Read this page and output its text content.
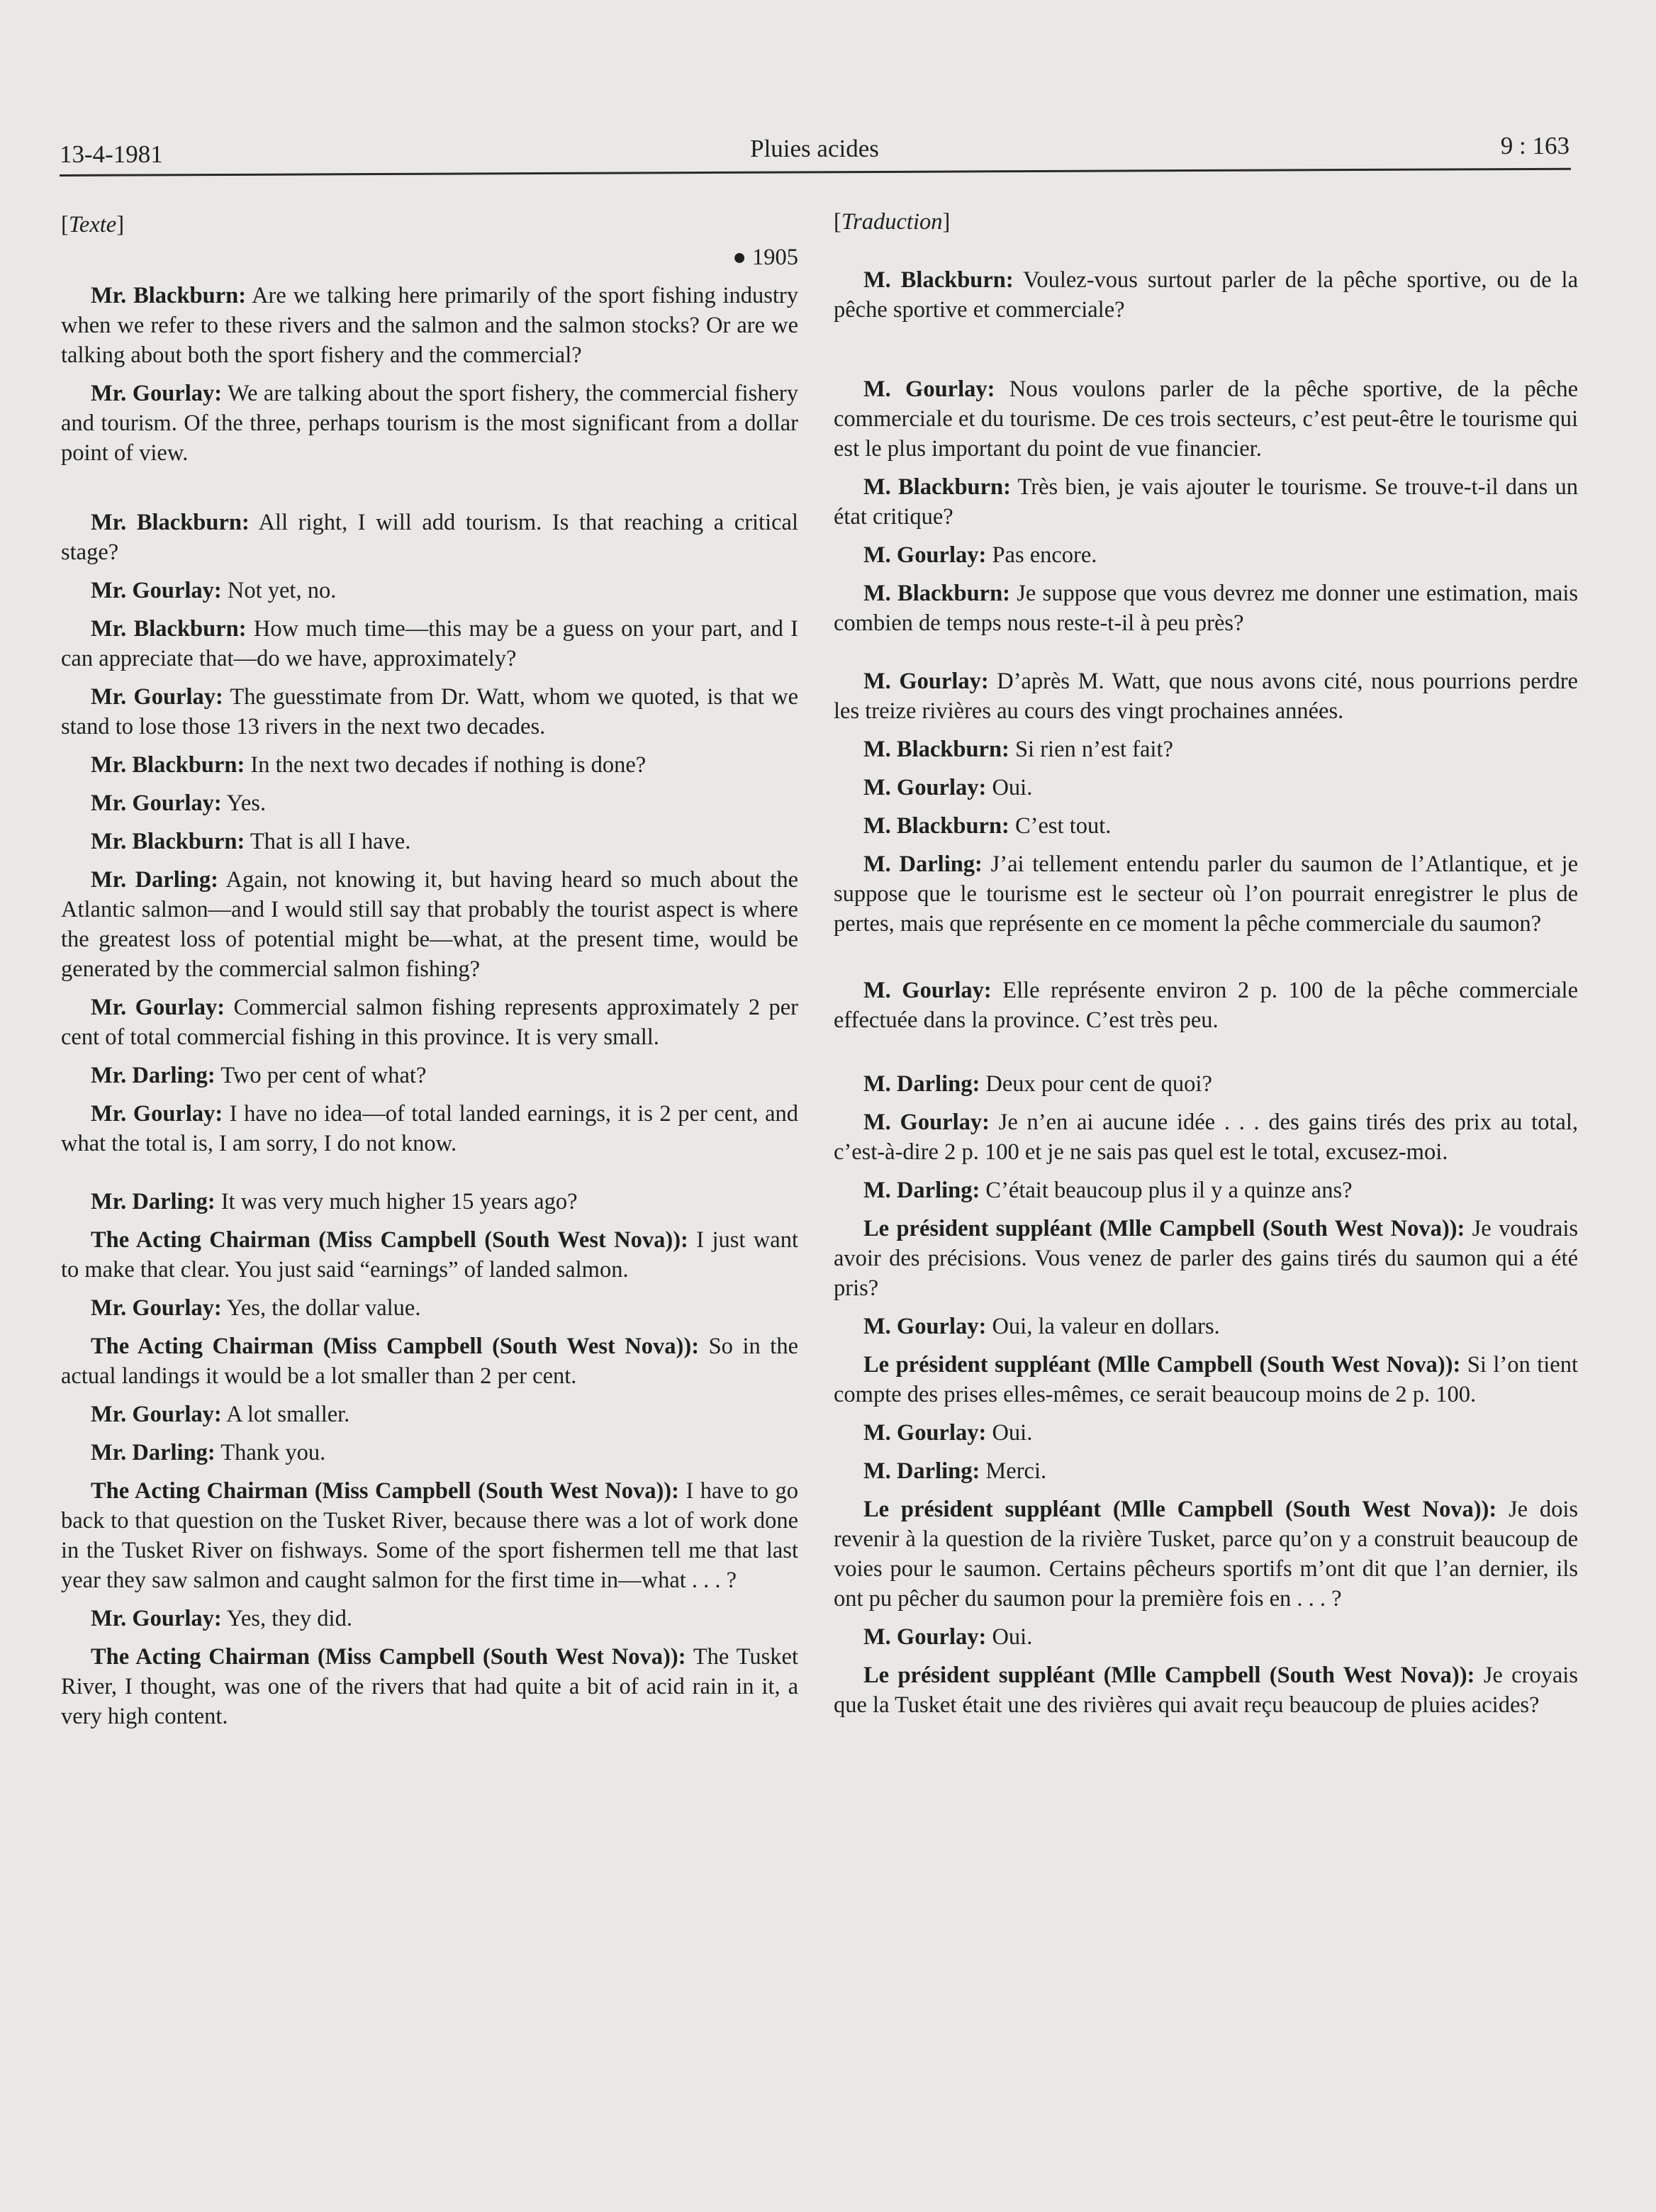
13-4-1981	Pluies acides	9 : 163
[Texte]
● 1905

Mr. Blackburn: Are we talking here primarily of the sport fishing industry when we refer to these rivers and the salmon and the salmon stocks? Or are we talking about both the sport fishery and the commercial?

Mr. Gourlay: We are talking about the sport fishery, the commercial fishery and tourism. Of the three, perhaps tourism is the most significant from a dollar point of view.

Mr. Blackburn: All right, I will add tourism. Is that reaching a critical stage?

Mr. Gourlay: Not yet, no.

Mr. Blackburn: How much time—this may be a guess on your part, and I can appreciate that—do we have, approximately?

Mr. Gourlay: The guesstimate from Dr. Watt, whom we quoted, is that we stand to lose those 13 rivers in the next two decades.

Mr. Blackburn: In the next two decades if nothing is done?

Mr. Gourlay: Yes.

Mr. Blackburn: That is all I have.

Mr. Darling: Again, not knowing it, but having heard so much about the Atlantic salmon—and I would still say that probably the tourist aspect is where the greatest loss of potential might be—what, at the present time, would be generated by the commercial salmon fishing?

Mr. Gourlay: Commercial salmon fishing represents approximately 2 per cent of total commercial fishing in this province. It is very small.

Mr. Darling: Two per cent of what?

Mr. Gourlay: I have no idea—of total landed earnings, it is 2 per cent, and what the total is, I am sorry, I do not know.

Mr. Darling: It was very much higher 15 years ago?

The Acting Chairman (Miss Campbell (South West Nova)): I just want to make that clear. You just said “earnings” of landed salmon.

Mr. Gourlay: Yes, the dollar value.

The Acting Chairman (Miss Campbell (South West Nova)): So in the actual landings it would be a lot smaller than 2 per cent.

Mr. Gourlay: A lot smaller.

Mr. Darling: Thank you.

The Acting Chairman (Miss Campbell (South West Nova)): I have to go back to that question on the Tusket River, because there was a lot of work done in the Tusket River on fishways. Some of the sport fishermen tell me that last year they saw salmon and caught salmon for the first time in—what . . . ?

Mr. Gourlay: Yes, they did.

The Acting Chairman (Miss Campbell (South West Nova)): The Tusket River, I thought, was one of the rivers that had quite a bit of acid rain in it, a very high content.

[Traduction]

M. Blackburn: Voulez-vous surtout parler de la pêche sportive, ou de la pêche sportive et commerciale?

M. Gourlay: Nous voulons parler de la pêche sportive, de la pêche commerciale et du tourisme. De ces trois secteurs, c’est peut-être le tourisme qui est le plus important du point de vue financier.

M. Blackburn: Très bien, je vais ajouter le tourisme. Se trouve-t-il dans un état critique?

M. Gourlay: Pas encore.

M. Blackburn: Je suppose que vous devrez me donner une estimation, mais combien de temps nous reste-t-il à peu près?

M. Gourlay: D’après M. Watt, que nous avons cité, nous pourrions perdre les treize rivières au cours des vingt prochaines années.

M. Blackburn: Si rien n’est fait?

M. Gourlay: Oui.

M. Blackburn: C’est tout.

M. Darling: J’ai tellement entendu parler du saumon de l’Atlantique, et je suppose que le tourisme est le secteur où l’on pourrait enregistrer le plus de pertes, mais que représente en ce moment la pêche commerciale du saumon?

M. Gourlay: Elle représente environ 2 p. 100 de la pêche commerciale effectuée dans la province. C’est très peu.

M. Darling: Deux pour cent de quoi?

M. Gourlay: Je n’en ai aucune idée . . . des gains tirés des prix au total, c’est-à-dire 2 p. 100 et je ne sais pas quel est le total, excusez-moi.

M. Darling: C’était beaucoup plus il y a quinze ans?

Le président suppléant (Mlle Campbell (South West Nova)): Je voudrais avoir des précisions. Vous venez de parler des gains tirés du saumon qui a été pris?

M. Gourlay: Oui, la valeur en dollars.

Le président suppléant (Mlle Campbell (South West Nova)): Si l’on tient compte des prises elles-mêmes, ce serait beaucoup moins de 2 p. 100.

M. Gourlay: Oui.

M. Darling: Merci.

Le président suppléant (Mlle Campbell (South West Nova)): Je dois revenir à la question de la rivière Tusket, parce qu’on y a construit beaucoup de voies pour le saumon. Certains pêcheurs sportifs m’ont dit que l’an dernier, ils ont pu pêcher du saumon pour la première fois en . . . ?

M. Gourlay: Oui.

Le président suppléant (Mlle Campbell (South West Nova)): Je croyais que la Tusket était une des rivières qui avait reçu beaucoup de pluies acides?
